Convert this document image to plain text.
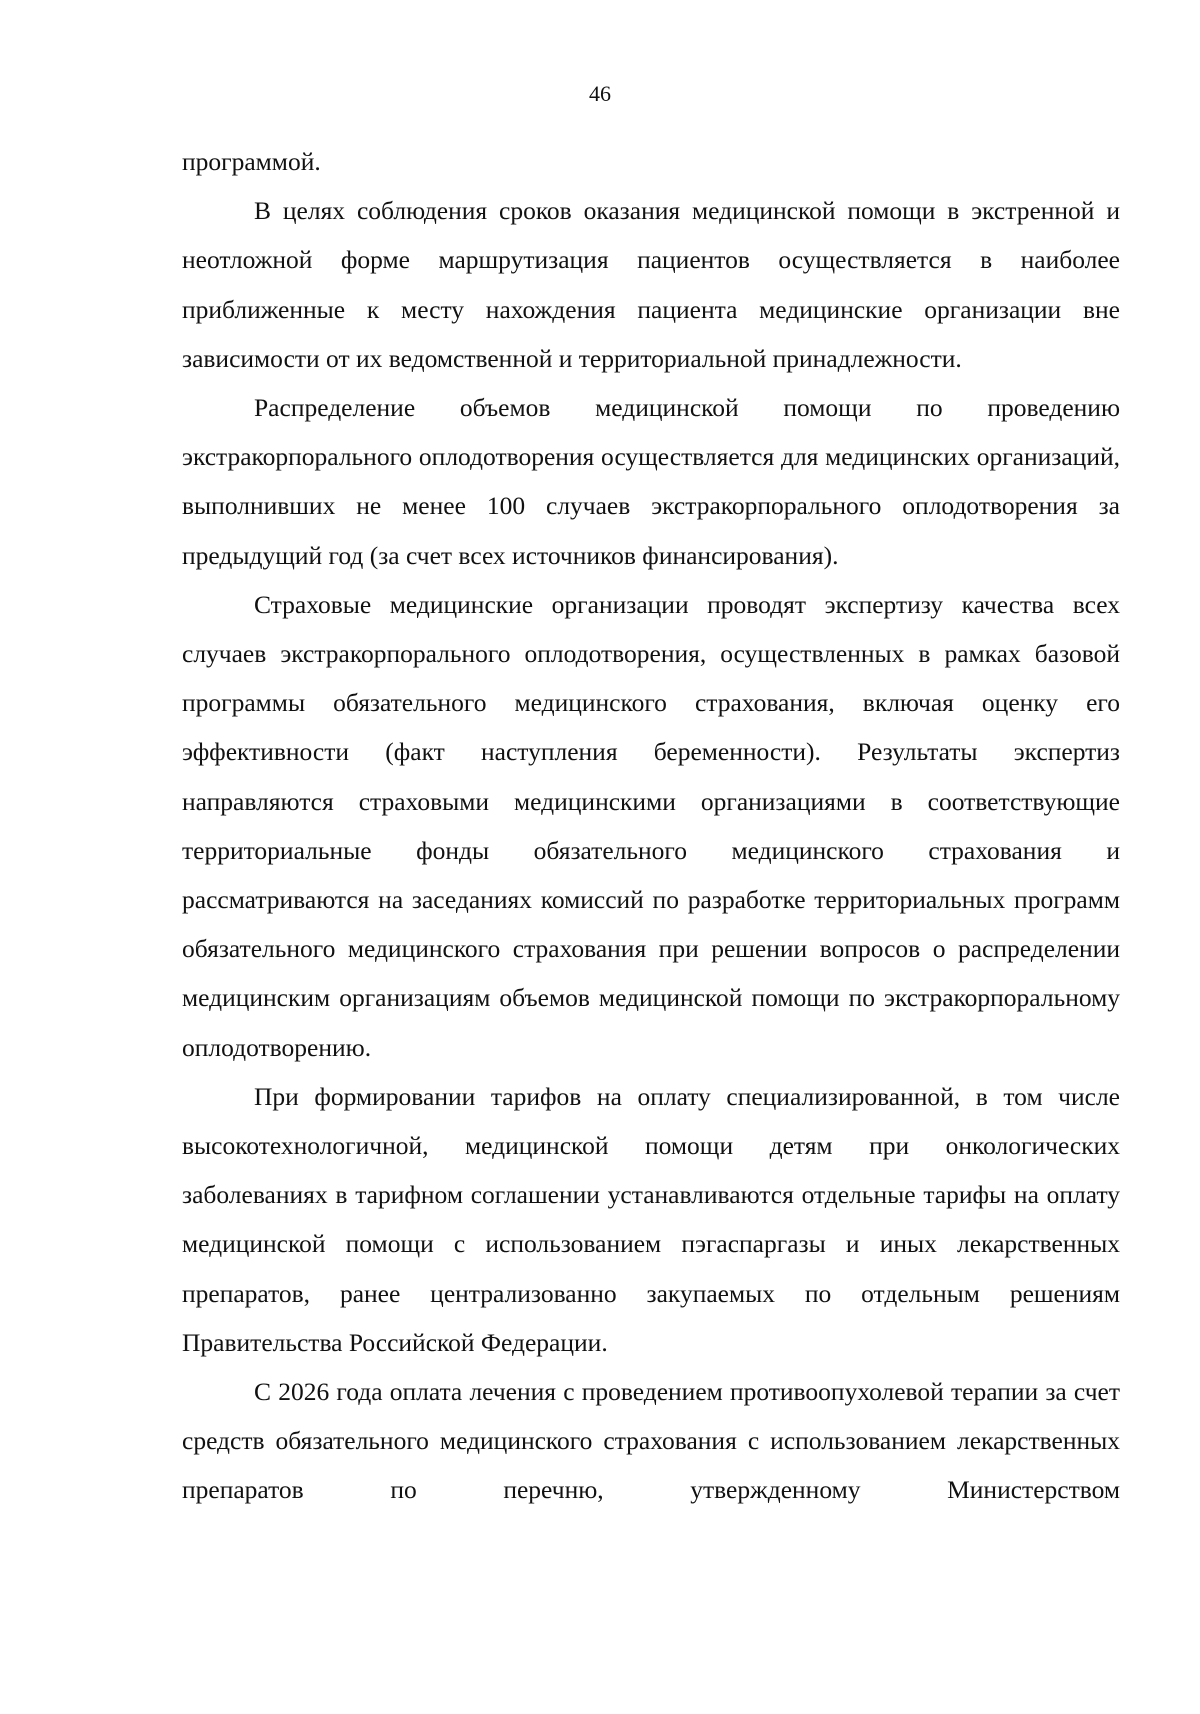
46

программой.

В целях соблюдения сроков оказания медицинской помощи в экстренной и неотложной форме маршрутизация пациентов осуществляется в наиболее приближенные к месту нахождения пациента медицинские организации вне зависимости от их ведомственной и территориальной принадлежности.

Распределение объемов медицинской помощи по проведению экстракорпорального оплодотворения осуществляется для медицинских организаций, выполнивших не менее 100 случаев экстракорпорального оплодотворения за предыдущий год (за счет всех источников финансирования).

Страховые медицинские организации проводят экспертизу качества всех случаев экстракорпорального оплодотворения, осуществленных в рамках базовой программы обязательного медицинского страхования, включая оценку его эффективности (факт наступления беременности). Результаты экспертиз направляются страховыми медицинскими организациями в соответствующие территориальные фонды обязательного медицинского страхования и рассматриваются на заседаниях комиссий по разработке территориальных программ обязательного медицинского страхования при решении вопросов о распределении медицинским организациям объемов медицинской помощи по экстракорпоральному оплодотворению.

При формировании тарифов на оплату специализированной, в том числе высокотехнологичной, медицинской помощи детям при онкологических заболеваниях в тарифном соглашении устанавливаются отдельные тарифы на оплату медицинской помощи с использованием пэгаспаргазы и иных лекарственных препаратов, ранее централизованно закупаемых по отдельным решениям Правительства Российской Федерации.

С 2026 года оплата лечения с проведением противоопухолевой терапии за счет средств обязательного медицинского страхования с использованием лекарственных препаратов по перечню, утвержденному Министерством
